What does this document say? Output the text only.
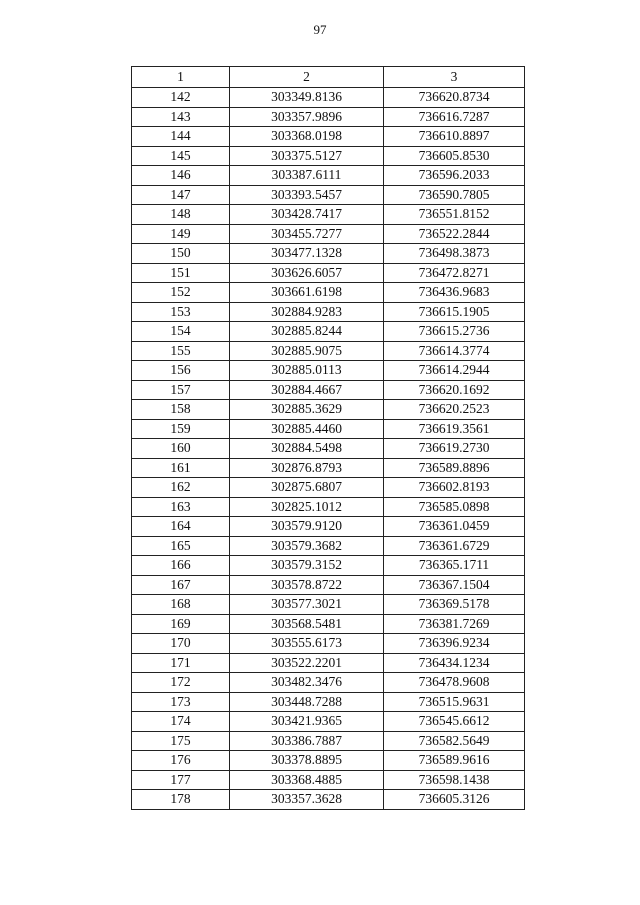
97
1	2	3
142	303349.8136	736620.8734
143	303357.9896	736616.7287
144	303368.0198	736610.8897
145	303375.5127	736605.8530
146	303387.6111	736596.2033
147	303393.5457	736590.7805
148	303428.7417	736551.8152
149	303455.7277	736522.2844
150	303477.1328	736498.3873
151	303626.6057	736472.8271
152	303661.6198	736436.9683
153	302884.9283	736615.1905
154	302885.8244	736615.2736
155	302885.9075	736614.3774
156	302885.0113	736614.2944
157	302884.4667	736620.1692
158	302885.3629	736620.2523
159	302885.4460	736619.3561
160	302884.5498	736619.2730
161	302876.8793	736589.8896
162	302875.6807	736602.8193
163	302825.1012	736585.0898
164	303579.9120	736361.0459
165	303579.3682	736361.6729
166	303579.3152	736365.1711
167	303578.8722	736367.1504
168	303577.3021	736369.5178
169	303568.5481	736381.7269
170	303555.6173	736396.9234
171	303522.2201	736434.1234
172	303482.3476	736478.9608
173	303448.7288	736515.9631
174	303421.9365	736545.6612
175	303386.7887	736582.5649
176	303378.8895	736589.9616
177	303368.4885	736598.1438
178	303357.3628	736605.3126
